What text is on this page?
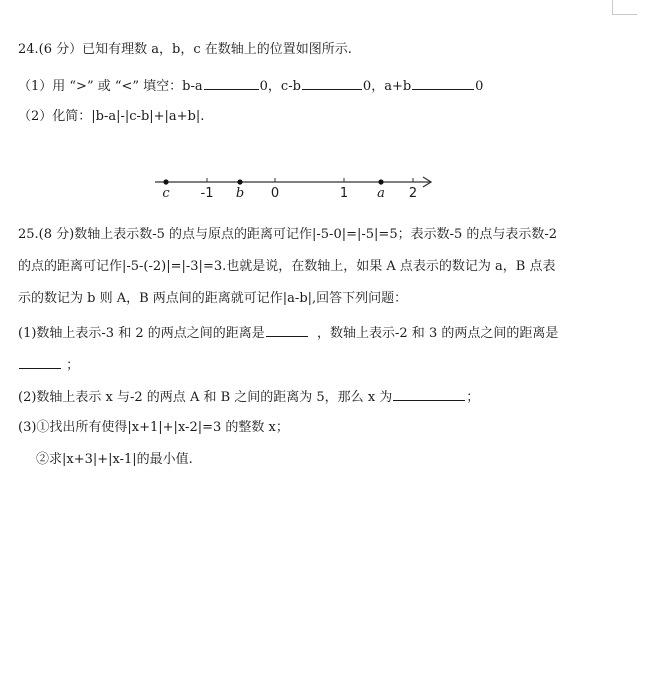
24.(6 分）已知有理数 a，b，c 在数轴上的位置如图所示.
（1）用 “>” 或 “<” 填空：b-a	0，c-b	0，a+b	0
（2）化简：|b-a|-|c-b|+|a+b|.
c -1 b 0	1 a 2
25.(8 分)数轴上表示数-5 的点与原点的距离可记作|-5-0|=|-5|=5；表示数-5 的点与表示数-2
的点的距离可记作|-5-(-2)|=|-3|=3.也就是说，在数轴上，如果 A 点表示的数记为 a，B 点表
示的数记为 b 则 A，B 两点间的距离就可记作|a-b|,回答下列问题：
(1)数轴上表示-3 和 2 的两点之间的距离是	，数轴上表示-2 和 3 的两点之间的距离是
；
(2)数轴上表示 x 与-2 的两点 A 和 B 之间的距离为 5，那么 x 为	；
(3)①找出所有使得|x+1|+|x-2|=3 的整数 x；
②求|x+3|+|x-1|的最小值.
